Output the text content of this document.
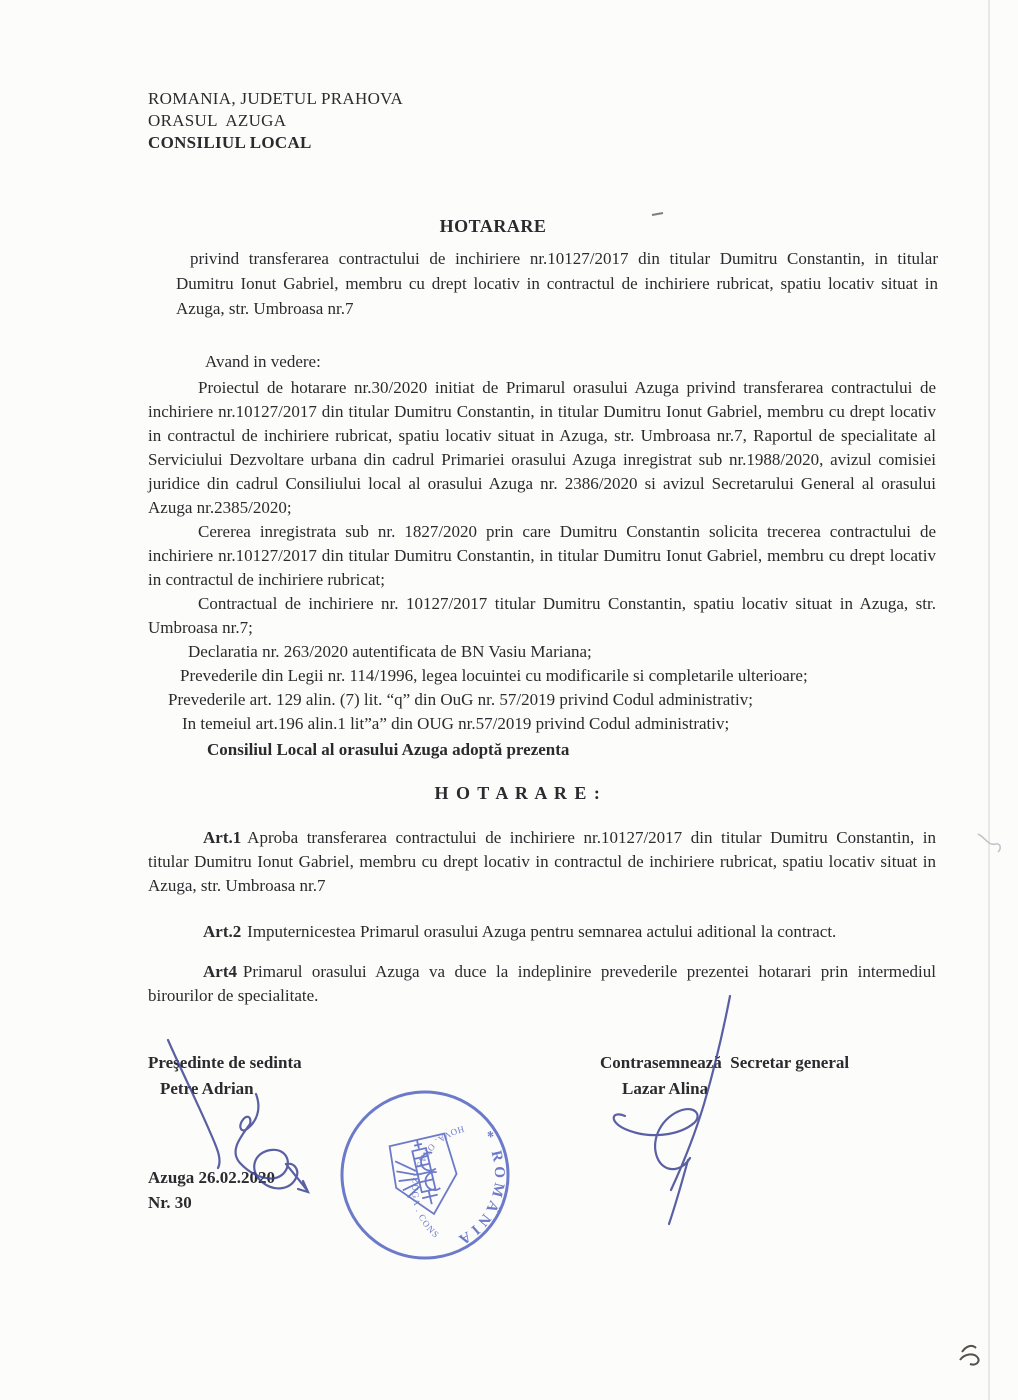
ROMANIA, JUDETUL PRAHOVA
ORASUL  AZUGA
CONSILIUL LOCAL
HOTARARE
privind transferarea contractului de inchiriere nr.10127/2017 din titular Dumitru Constantin, in titular Dumitru Ionut Gabriel, membru cu drept locativ in contractul de inchiriere rubricat, spatiu locativ situat in Azuga, str. Umbroasa nr.7
Avand in vedere:

Proiectul de hotarare nr.30/2020 initiat de Primarul orasului Azuga privind transferarea contractului de inchiriere nr.10127/2017 din titular Dumitru Constantin, in titular Dumitru Ionut Gabriel, membru cu drept locativ in contractul de inchiriere rubricat, spatiu locativ situat in Azuga, str. Umbroasa nr.7, Raportul de specialitate al Serviciului Dezvoltare urbana din cadrul Primariei orasului Azuga inregistrat sub nr.1988/2020, avizul comisiei juridice din cadrul Consiliului local al orasului Azuga nr. 2386/2020 si avizul Secretarului General al orasului Azuga nr.2385/2020;

Cererea inregistrata sub nr. 1827/2020 prin care Dumitru Constantin solicita trecerea contractului de inchiriere nr.10127/2017 din titular Dumitru Constantin, in titular Dumitru Ionut Gabriel, membru cu drept locativ in contractul de inchiriere rubricat;

Contractual de inchiriere nr. 10127/2017 titular Dumitru Constantin, spatiu locativ situat in Azuga, str. Umbroasa nr.7;

Declaratia nr. 263/2020 autentificata de BN Vasiu Mariana;

Prevederile din Legii nr. 114/1996, legea locuintei cu modificarile si completarile ulterioare;

Prevederile art. 129 alin. (7) lit. “q” din OuG nr. 57/2019 privind Codul administrativ;

In temeiul art.196 alin.1 lit”a” din OUG nr.57/2019 privind Codul administrativ;

Consiliul Local al orasului Azuga adoptă prezenta
H O T A R A R E :

Art.1 Aproba transferarea contractului de inchiriere nr.10127/2017 din titular Dumitru Constantin, in titular Dumitru Ionut Gabriel, membru cu drept locativ in contractul de inchiriere rubricat, spatiu locativ situat in Azuga, str. Umbroasa nr.7

Art.2 Imputernicestea Primarul orasului Azuga pentru semnarea actului aditional la contract.

Art4 Primarul orasului Azuga va duce la indeplinire prevederile prezentei hotarari prin intermediul birourilor de specialitate.

Preşedinte de sedinta
Petre Adrian
Contrasemnează  Secretar general
Lazar Alina
Azuga 26.02.2020
Nr. 30
* ROMÂNIA
JUDETUL PRAHOVA. ORAS AZUGA . CONSILIUL LOCAL
